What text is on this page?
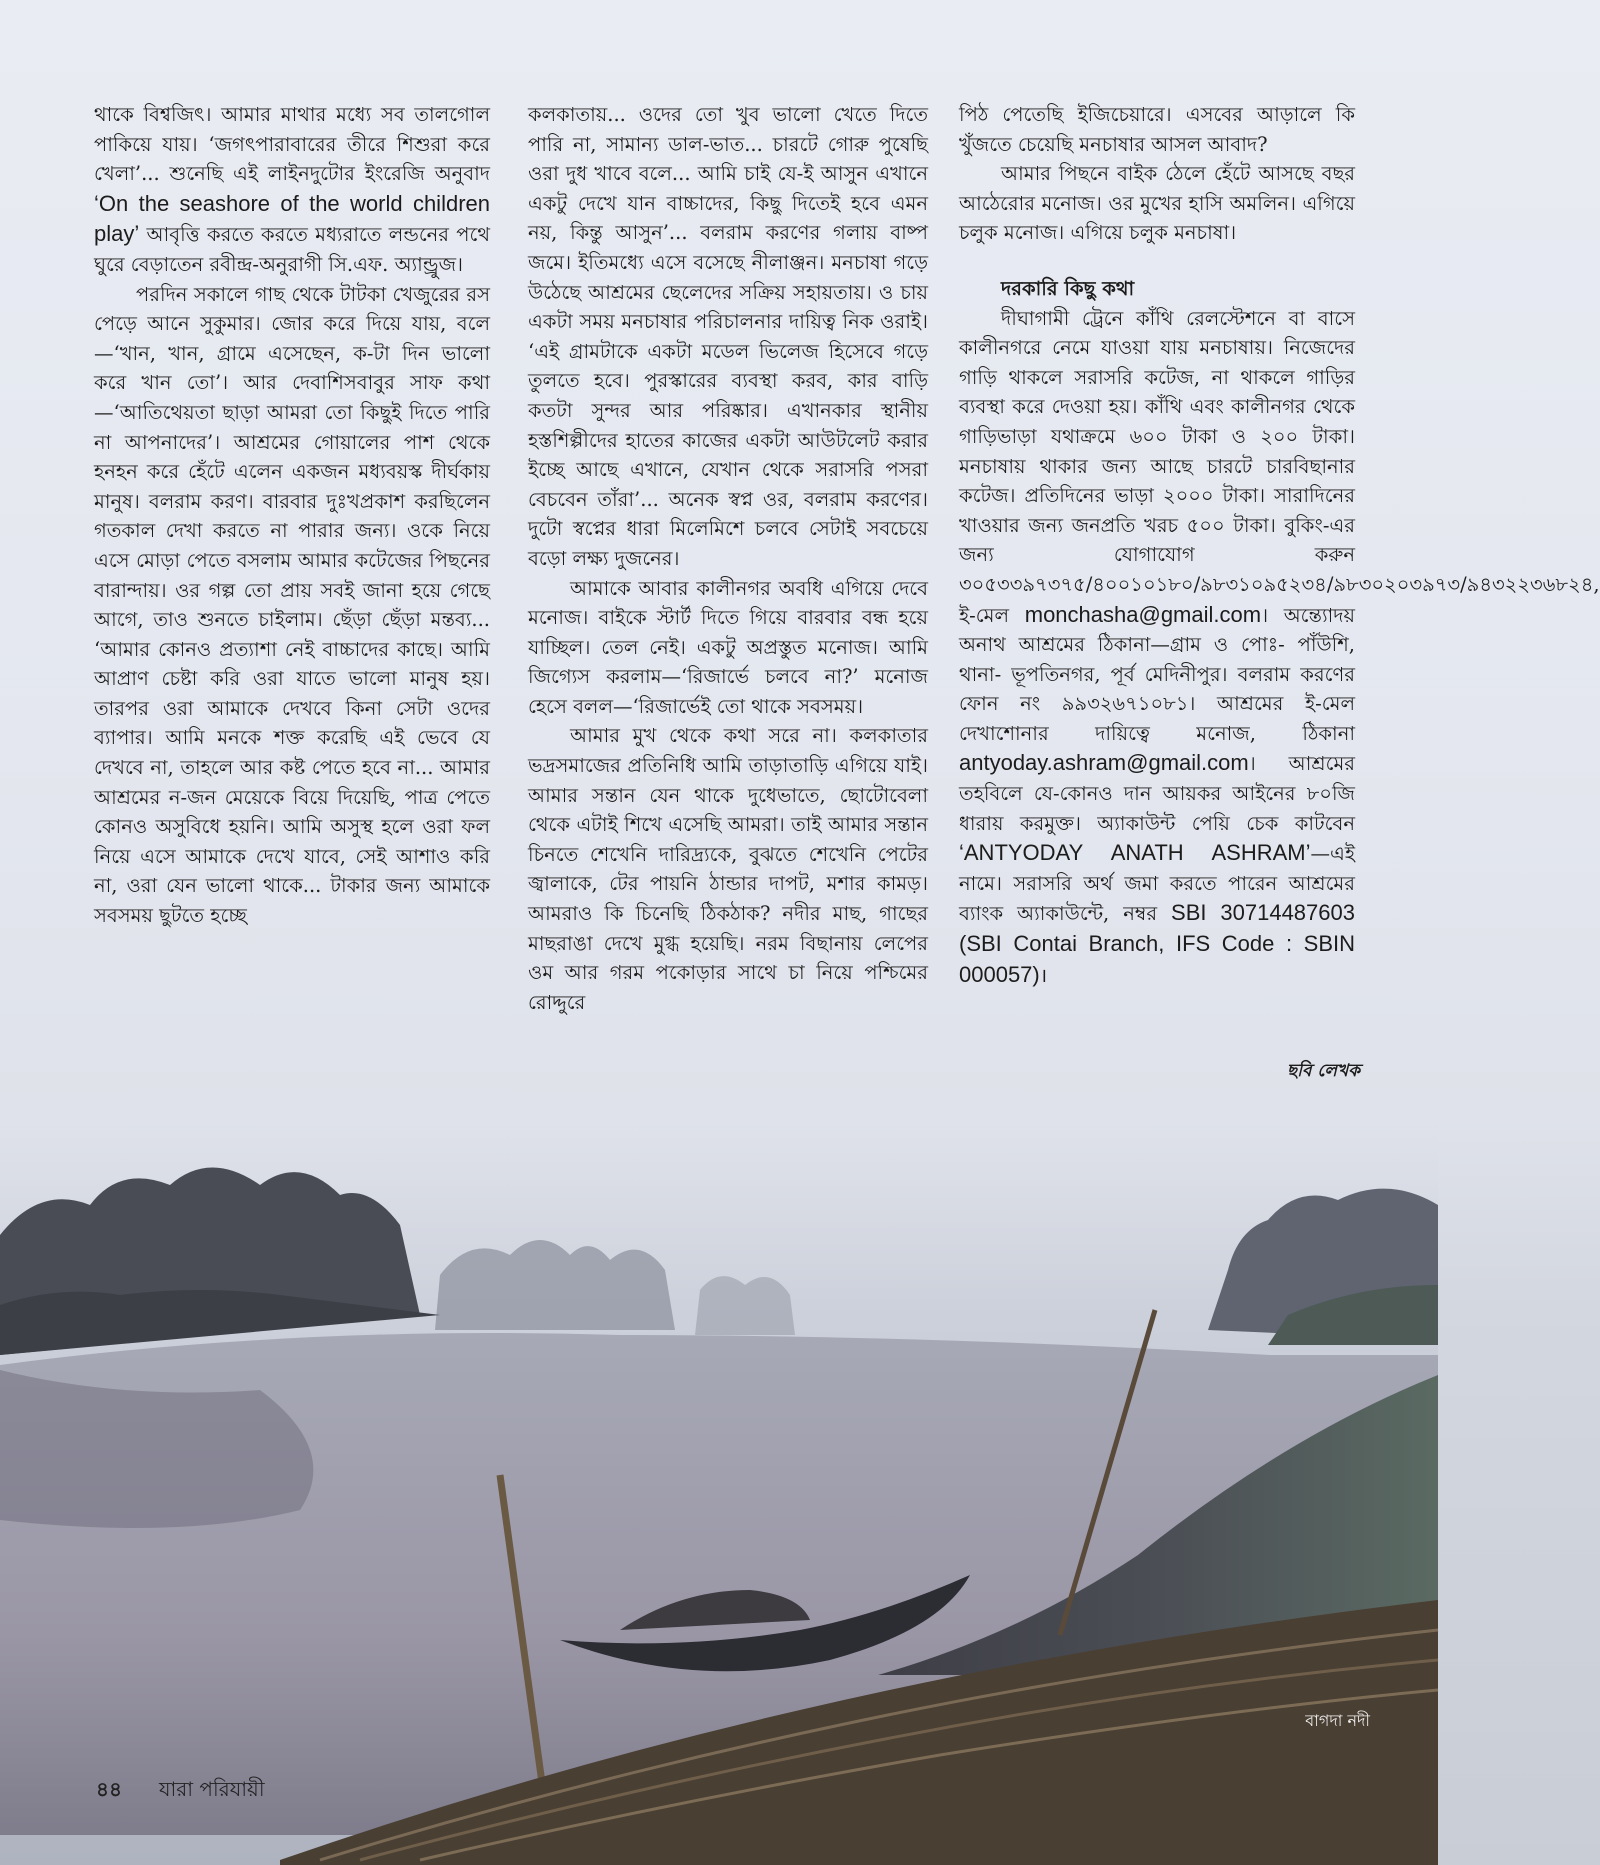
থাকে বিশ্বজিৎ। আমার মাথার মধ্যে সব তালগোল পাকিয়ে যায়। ‘জগৎপারাবারের তীরে শিশুরা করে খেলা’... শুনেছি এই লাইনদুটোর ইংরেজি অনুবাদ ‘On the seashore of the world children play’ আবৃত্তি করতে করতে মধ্যরাতে লন্ডনের পথে ঘুরে বেড়াতেন রবীন্দ্র-অনুরাগী সি.এফ. অ্যান্ড্রুজ।

পরদিন সকালে গাছ থেকে টাটকা খেজুরের রস পেড়ে আনে সুকুমার। জোর করে দিয়ে যায়, বলে—‘খান, খান, গ্রামে এসেছেন, ক-টা দিন ভালো করে খান তো’। আর দেবাশিসবাবুর সাফ কথা—‘আতিথেয়তা ছাড়া আমরা তো কিছুই দিতে পারি না আপনাদের’। আশ্রমের গোয়ালের পাশ থেকে হনহন করে হেঁটে এলেন একজন মধ্যবয়স্ক দীর্ঘকায় মানুষ। বলরাম করণ। বারবার দুঃখপ্রকাশ করছিলেন গতকাল দেখা করতে না পারার জন্য। ওকে নিয়ে এসে মোড়া পেতে বসলাম আমার কটেজের পিছনের বারান্দায়। ওর গল্প তো প্রায় সবই জানা হয়ে গেছে আগে, তাও শুনতে চাইলাম। ছেঁড়া ছেঁড়া মন্তব্য... ‘আমার কোনও প্রত্যাশা নেই বাচ্চাদের কাছে। আমি আপ্রাণ চেষ্টা করি ওরা যাতে ভালো মানুষ হয়। তারপর ওরা আমাকে দেখবে কিনা সেটা ওদের ব্যাপার। আমি মনকে শক্ত করেছি এই ভেবে যে দেখবে না, তাহলে আর কষ্ট পেতে হবে না... আমার আশ্রমের ন-জন মেয়েকে বিয়ে দিয়েছি, পাত্র পেতে কোনও অসুবিধে হয়নি। আমি অসুস্থ হলে ওরা ফল নিয়ে এসে আমাকে দেখে যাবে, সেই আশাও করি না, ওরা যেন ভালো থাকে... টাকার জন্য আমাকে সবসময় ছুটতে হচ্ছে

কলকাতায়... ওদের তো খুব ভালো খেতে দিতে পারি না, সামান্য ডাল-ভাত... চারটে গোরু পুষেছি ওরা দুধ খাবে বলে... আমি চাই যে-ই আসুন এখানে একটু দেখে যান বাচ্চাদের, কিছু দিতেই হবে এমন নয়, কিন্তু আসুন’... বলরাম করণের গলায় বাষ্প জমে। ইতিমধ্যে এসে বসেছে নীলাঞ্জন। মনচাষা গড়ে উঠেছে আশ্রমের ছেলেদের সক্রিয় সহায়তায়। ও চায় একটা সময় মনচাষার পরিচালনার দায়িত্ব নিক ওরাই। ‘এই গ্রামটাকে একটা মডেল ভিলেজ হিসেবে গড়ে তুলতে হবে। পুরস্কারের ব্যবস্থা করব, কার বাড়ি কতটা সুন্দর আর পরিষ্কার। এখানকার স্থানীয় হস্তশিল্পীদের হাতের কাজের একটা আউটলেট করার ইচ্ছে আছে এখানে, যেখান থেকে সরাসরি পসরা বেচবেন তাঁরা’... অনেক স্বপ্ন ওর, বলরাম করণের। দুটো স্বপ্নের ধারা মিলেমিশে চলবে সেটাই সবচেয়ে বড়ো লক্ষ্য দুজনের।

আমাকে আবার কালীনগর অবধি এগিয়ে দেবে মনোজ। বাইকে স্টার্ট দিতে গিয়ে বারবার বন্ধ হয়ে যাচ্ছিল। তেল নেই। একটু অপ্রস্তুত মনোজ। আমি জিগ্যেস করলাম—‘রিজার্ভে চলবে না?’ মনোজ হেসে বলল—‘রিজার্ভেই তো থাকে সবসময়।

আমার মুখ থেকে কথা সরে না। কলকাতার ভদ্রসমাজের প্রতিনিধি আমি তাড়াতাড়ি এগিয়ে যাই। আমার সন্তান যেন থাকে দুধেভাতে, ছোটোবেলা থেকে এটাই শিখে এসেছি আমরা। তাই আমার সন্তান চিনতে শেখেনি দারিদ্র্যকে, বুঝতে শেখেনি পেটের জ্বালাকে, টের পায়নি ঠান্ডার দাপট, মশার কামড়। আমরাও কি চিনেছি ঠিকঠাক? নদীর মাছ, গাছের মাছরাঙা দেখে মুগ্ধ হয়েছি। নরম বিছানায় লেপের ওম আর গরম পকোড়ার সাথে চা নিয়ে পশ্চিমের রোদ্দুরে

পিঠ পেতেছি ইজিচেয়ারে। এসবের আড়ালে কি খুঁজতে চেয়েছি মনচাষার আসল আবাদ?

আমার পিছনে বাইক ঠেলে হেঁটে আসছে বছর আঠেরোর মনোজ। ওর মুখের হাসি অমলিন। এগিয়ে চলুক মনোজ। এগিয়ে চলুক মনচাষা।

দরকারি কিছু কথা

দীঘাগামী ট্রেনে কাঁথি রেলস্টেশনে বা বাসে কালীনগরে নেমে যাওয়া যায় মনচাষায়। নিজেদের গাড়ি থাকলে সরাসরি কটেজ, না থাকলে গাড়ির ব্যবস্থা করে দেওয়া হয়। কাঁথি এবং কালীনগর থেকে গাড়িভাড়া যথাক্রমে ৬০০ টাকা ও ২০০ টাকা। মনচাষায় থাকার জন্য আছে চারটে চারবিছানার কটেজ। প্রতিদিনের ভাড়া ২০০০ টাকা। সারাদিনের খাওয়ার জন্য জনপ্রতি খরচ ৫০০ টাকা। বুকিং-এর জন্য যোগাযোগ করুন ৩০৫৩৩৯৭৩৭৫/৪০০১০১৮০/৯৮৩১০৯৫২৩৪/৯৮৩০২০৩৯৭৩/৯৪৩২২৩৬৮২৪, ই-মেল monchasha@gmail.com। অন্ত্যোদয় অনাথ আশ্রমের ঠিকানা—গ্রাম ও পোঃ- পাঁউশি, থানা- ভূপতিনগর, পূর্ব মেদিনীপুর। বলরাম করণের ফোন নং ৯৯৩২৬৭১০৮১। আশ্রমের ই-মেল দেখাশোনার দায়িত্বে মনোজ, ঠিকানা antyoday.ashram@gmail.com। আশ্রমের তহবিলে যে-কোনও দান আয়কর আইনের ৮০জি ধারায় করমুক্ত। অ্যাকাউন্ট পেয়ি চেক কাটবেন ‘ANTYODAY ANATH ASHRAM’—এই নামে। সরাসরি অর্থ জমা করতে পারেন আশ্রমের ব্যাংক অ্যাকাউন্টে, নম্বর SBI 30714487603 (SBI Contai Branch, IFS Code : SBIN 000057)।

ছবি লেখক
বাগদা নদী
৪৪ যারা পরিযায়ী
